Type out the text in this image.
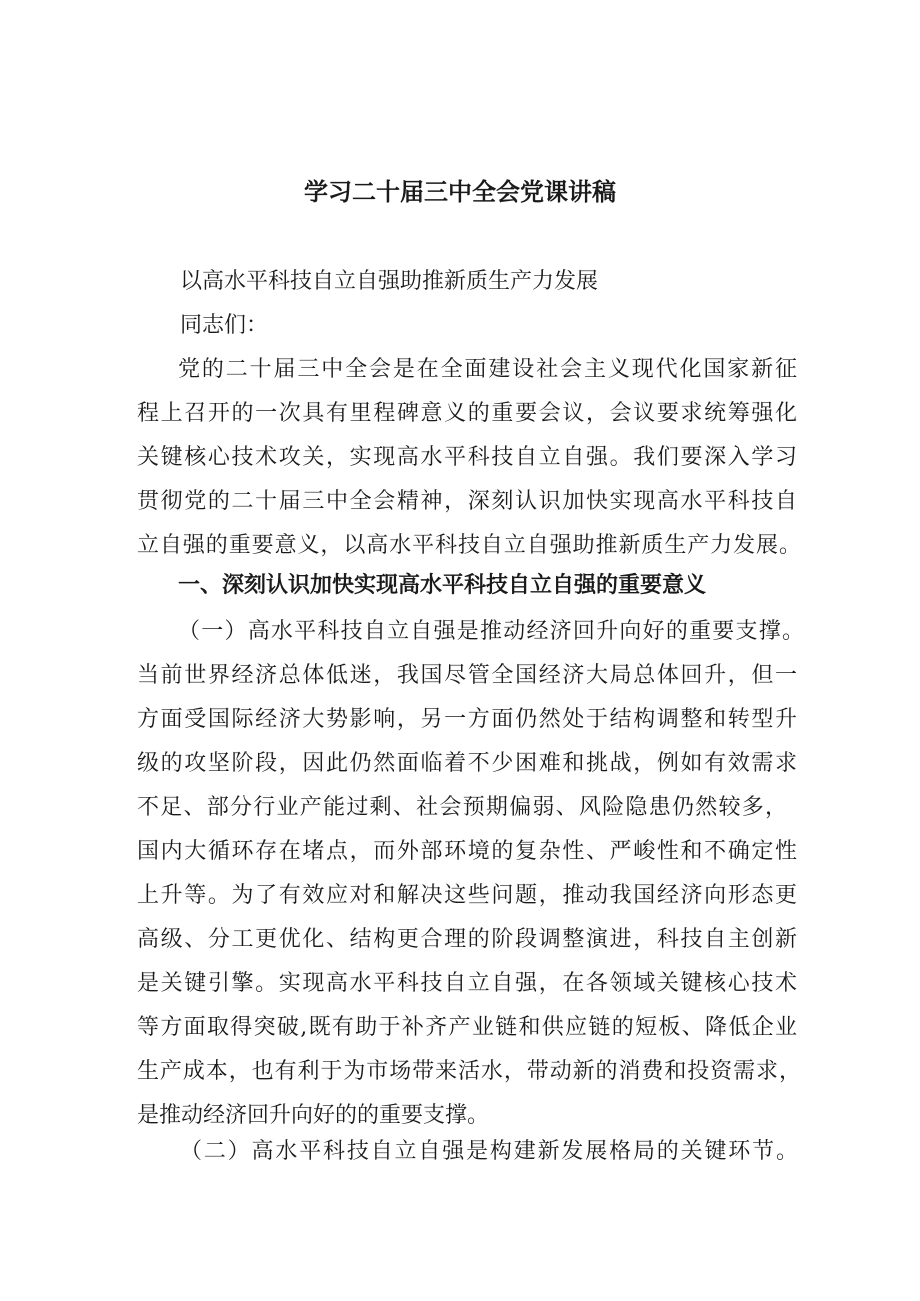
学习二十届三中全会党课讲稿
以高水平科技自立自强助推新质生产力发展
同志们：
党的二十届三中全会是在全面建设社会主义现代化国家新征
程上召开的一次具有里程碑意义的重要会议，会议要求统筹强化
关键核心技术攻关，实现高水平科技自立自强。我们要深入学习
贯彻党的二十届三中全会精神，深刻认识加快实现高水平科技自
立自强的重要意义，以高水平科技自立自强助推新质生产力发展。
一、深刻认识加快实现高水平科技自立自强的重要意义
（一）高水平科技自立自强是推动经济回升向好的重要支撑。
当前世界经济总体低迷，我国尽管全国经济大局总体回升，但一
方面受国际经济大势影响，另一方面仍然处于结构调整和转型升
级的攻坚阶段，因此仍然面临着不少困难和挑战，例如有效需求
不足、部分行业产能过剩、社会预期偏弱、风险隐患仍然较多，
国内大循环存在堵点，而外部环境的复杂性、严峻性和不确定性
上升等。为了有效应对和解决这些问题，推动我国经济向形态更
高级、分工更优化、结构更合理的阶段调整演进，科技自主创新
是关键引擎。实现高水平科技自立自强，在各领域关键核心技术
等方面取得突破,既有助于补齐产业链和供应链的短板、降低企业
生产成本，也有利于为市场带来活水，带动新的消费和投资需求，
是推动经济回升向好的的重要支撑。
（二）高水平科技自立自强是构建新发展格局的关键环节。
